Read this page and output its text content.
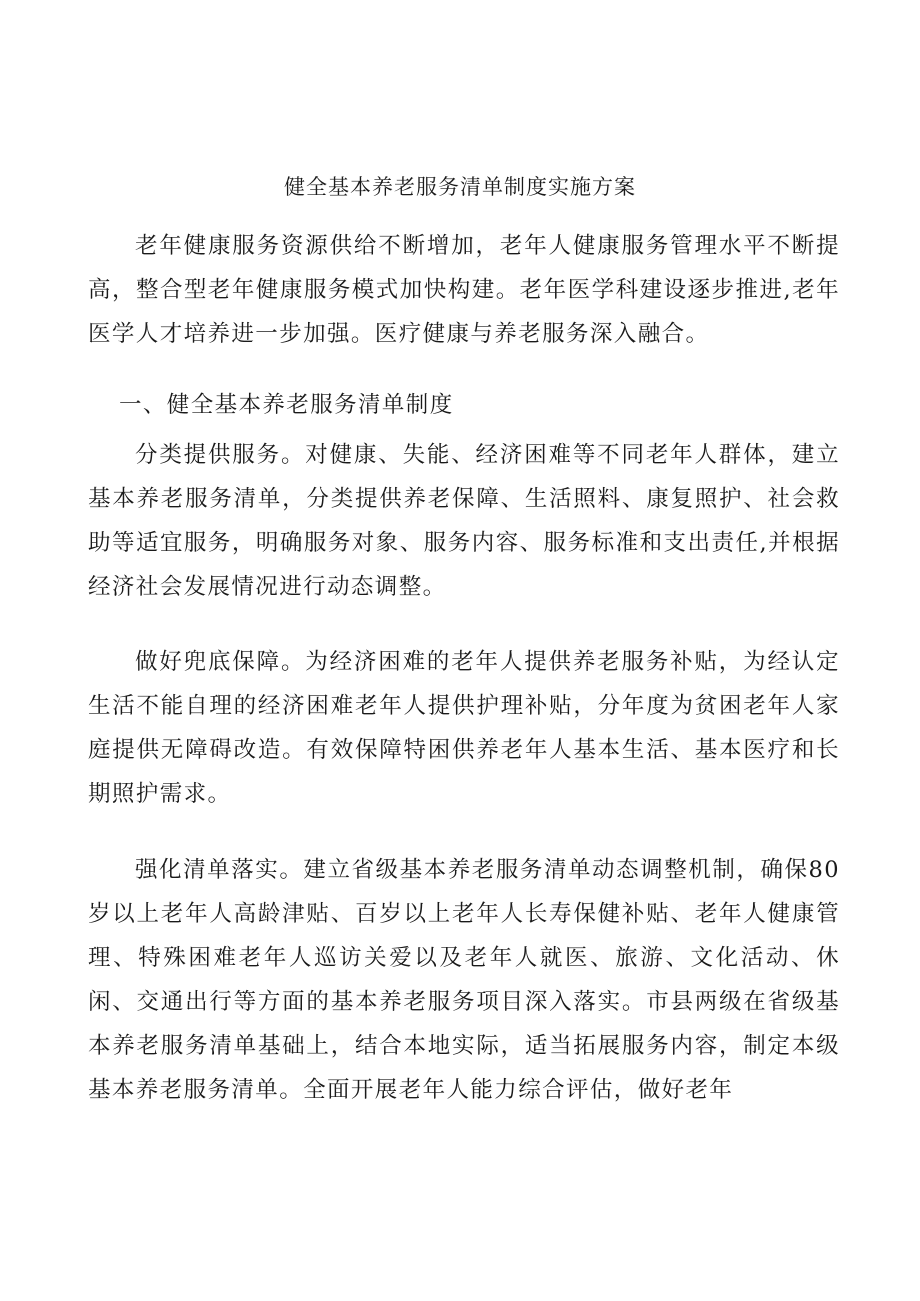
健全基本养老服务清单制度实施方案

老年健康服务资源供给不断增加，老年人健康服务管理水平不断提高，整合型老年健康服务模式加快构建。老年医学科建设逐步推进,老年医学人才培养进一步加强。医疗健康与养老服务深入融合。

一、健全基本养老服务清单制度

分类提供服务。对健康、失能、经济困难等不同老年人群体，建立基本养老服务清单，分类提供养老保障、生活照料、康复照护、社会救助等适宜服务，明确服务对象、服务内容、服务标准和支出责任,并根据经济社会发展情况进行动态调整。

做好兜底保障。为经济困难的老年人提供养老服务补贴，为经认定生活不能自理的经济困难老年人提供护理补贴，分年度为贫困老年人家庭提供无障碍改造。有效保障特困供养老年人基本生活、基本医疗和长期照护需求。

强化清单落实。建立省级基本养老服务清单动态调整机制，确保80岁以上老年人高龄津贴、百岁以上老年人长寿保健补贴、老年人健康管理、特殊困难老年人巡访关爱以及老年人就医、旅游、文化活动、休闲、交通出行等方面的基本养老服务项目深入落实。市县两级在省级基本养老服务清单基础上，结合本地实际，适当拓展服务内容，制定本级基本养老服务清单。全面开展老年人能力综合评估，做好老年
